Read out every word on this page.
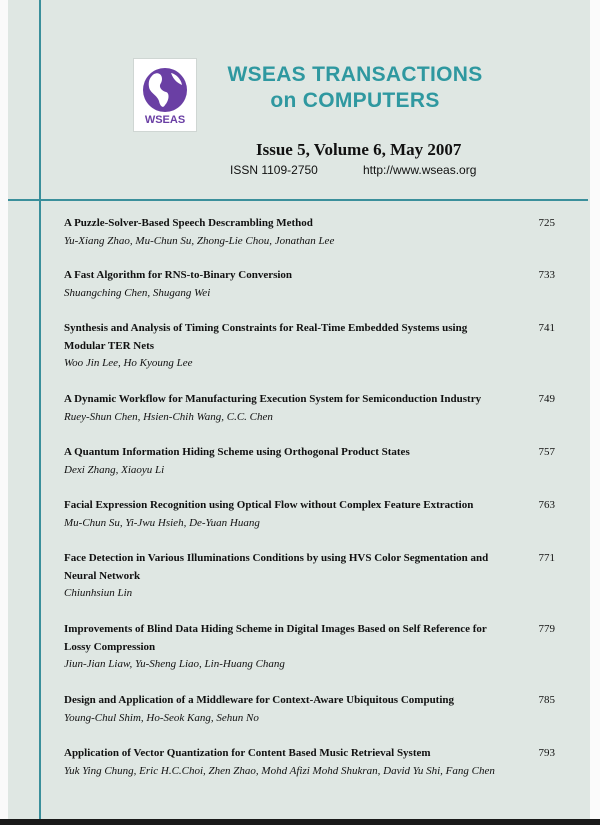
WSEAS
WSEAS TRANSACTIONS
on COMPUTERS
Issue 5, Volume 6, May 2007
ISSN 1109-2750	http://www.wseas.org
A Puzzle-Solver-Based Speech Descrambling Method
Yu-Xiang Zhao, Mu-Chun Su, Zhong-Lie Chou, Jonathan Lee
725
A Fast Algorithm for RNS-to-Binary Conversion
Shuangching Chen, Shugang Wei
733
Synthesis and Analysis of Timing Constraints for Real-Time Embedded Systems using Modular TER Nets
Woo Jin Lee, Ho Kyoung Lee
741
A Dynamic Workflow for Manufacturing Execution System for Semiconduction Industry
Ruey-Shun Chen, Hsien-Chih Wang, C.C. Chen
749
A Quantum Information Hiding Scheme using Orthogonal Product States
Dexi Zhang, Xiaoyu Li
757
Facial Expression Recognition using Optical Flow without Complex Feature Extraction
Mu-Chun Su, Yi-Jwu Hsieh, De-Yuan Huang
763
Face Detection in Various Illuminations Conditions by using HVS Color Segmentation and Neural Network
Chiunhsiun Lin
771
Improvements of Blind Data Hiding Scheme in Digital Images Based on Self Reference for Lossy Compression
Jiun-Jian Liaw, Yu-Sheng Liao, Lin-Huang Chang
779
Design and Application of a Middleware for Context-Aware Ubiquitous Computing
Young-Chul Shim, Ho-Seok Kang, Sehun No
785
Application of Vector Quantization for Content Based Music Retrieval System
Yuk Ying Chung, Eric H.C.Choi, Zhen Zhao, Mohd Afizi Mohd Shukran, David Yu Shi, Fang Chen
793
